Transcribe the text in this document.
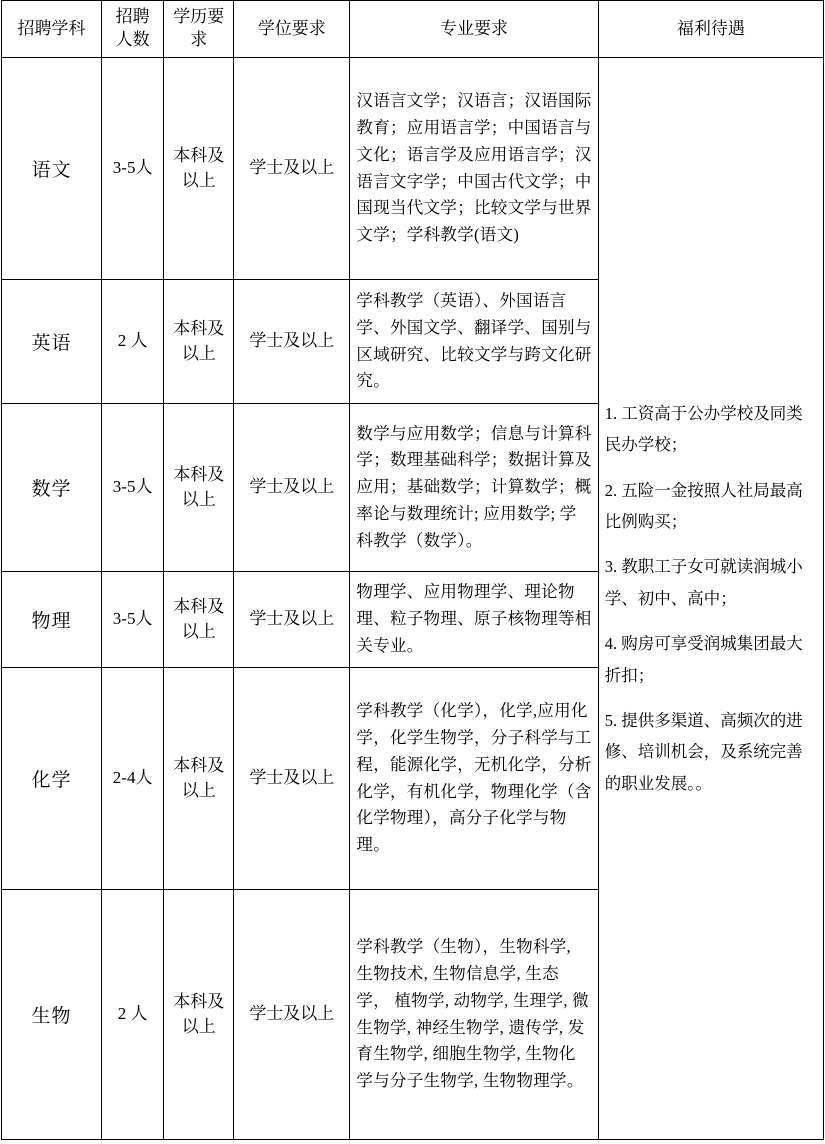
招聘学科	招聘人数	学历要求	学位要求	专业要求	福利待遇
语文	3-5人	本科及以上	学士及以上	汉语言文学；汉语言；汉语国际教育；应用语言学；中国语言与文化；语言学及应用语言学；汉语言文字学；中国古代文学；中国现当代文学；比较文学与世界文学；学科教学(语文)	1. 工资高于公办学校及同类民办学校；

2. 五险一金按照人社局最高比例购买；

3. 教职工子女可就读润城小学、初中、高中；

4. 购房可享受润城集团最大折扣；

5. 提供多渠道、高频次的进修、培训机会，及系统完善的职业发展。。

英语	2 人	本科及以上	学士及以上	学科教学（英语）、外国语言学、外国文学、翻译学、国别与区域研究、比较文学与跨文化研究。	
数学	3-5人	本科及以上	学士及以上	数学与应用数学；信息与计算科学；数理基础科学；数据计算及应用；基础数学；计算数学；概率论与数理统计; 应用数学; 学科教学（数学）。	
物理	3-5人	本科及以上	学士及以上	物理学、应用物理学、理论物理、粒子物理、原子核物理等相关专业。	
化学	2-4人	本科及以上	学士及以上	学科教学（化学），化学,应用化学，化学生物学，分子科学与工程，能源化学，无机化学，分析化学，有机化学，物理化学（含化学物理），高分子化学与物理。	
生物	2 人	本科及以上	学士及以上	学科教学（生物），生物科学, 生物技术, 生物信息学, 生态学， 植物学, 动物学, 生理学, 微生物学, 神经生物学, 遗传学, 发育生物学, 细胞生物学, 生物化学与分子生物学, 生物物理学。	
